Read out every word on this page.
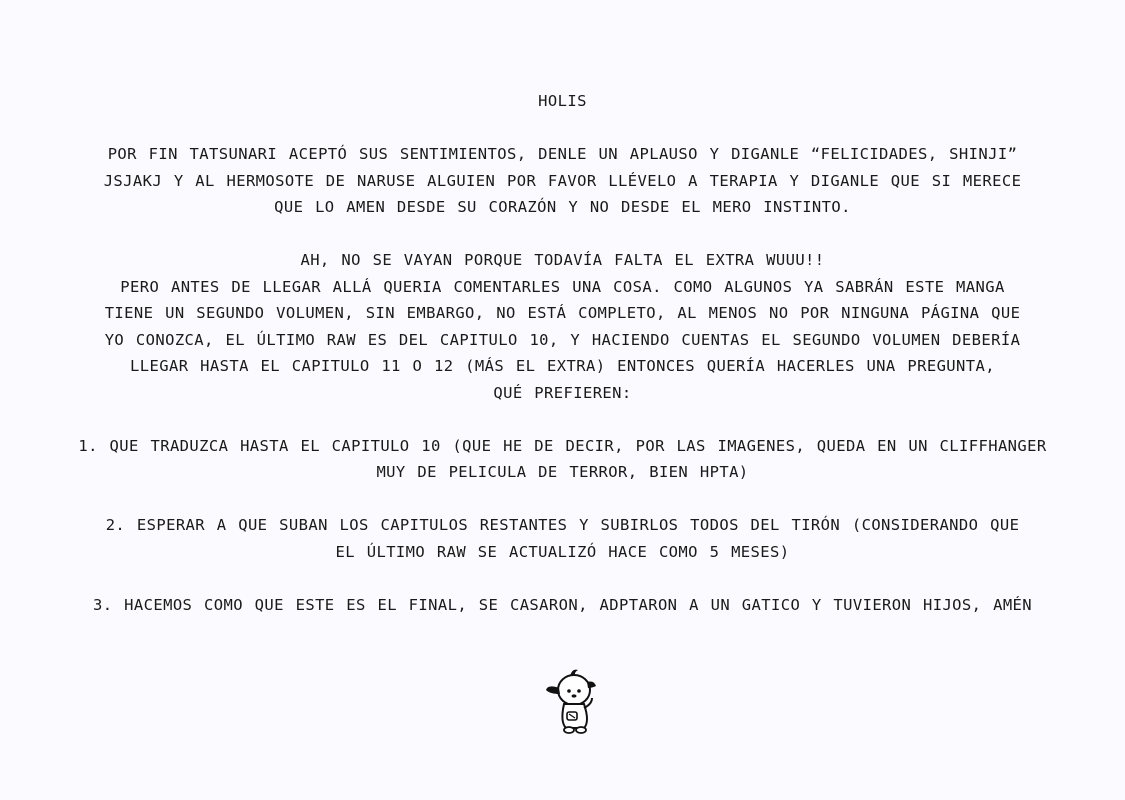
HOLIS

POR FIN TATSUNARI ACEPTÓ SUS SENTIMIENTOS, DENLE UN APLAUSO Y DIGANLE “FELICIDADES, SHINJI”

JSJAKJ Y AL HERMOSOTE DE NARUSE ALGUIEN POR FAVOR LLÉVELO A TERAPIA Y DIGANLE QUE SI MERECE

QUE LO AMEN DESDE SU CORAZÓN Y NO DESDE EL MERO INSTINTO.

AH, NO SE VAYAN PORQUE TODAVÍA FALTA EL EXTRA WUUU!!

PERO ANTES DE LLEGAR ALLÁ QUERIA COMENTARLES UNA COSA. COMO ALGUNOS YA SABRÁN ESTE MANGA

TIENE UN SEGUNDO VOLUMEN, SIN EMBARGO, NO ESTÁ COMPLETO, AL MENOS NO POR NINGUNA PÁGINA QUE

YO CONOZCA, EL ÚLTIMO RAW ES DEL CAPITULO 10, Y HACIENDO CUENTAS EL SEGUNDO VOLUMEN DEBERÍA

LLEGAR HASTA EL CAPITULO 11 O 12 (MÁS EL EXTRA) ENTONCES QUERÍA HACERLES UNA PREGUNTA,

QUÉ PREFIEREN:

1. QUE TRADUZCA HASTA EL CAPITULO 10 (QUE HE DE DECIR, POR LAS IMAGENES, QUEDA EN UN CLIFFHANGER

MUY DE PELICULA DE TERROR, BIEN HPTA)

2. ESPERAR A QUE SUBAN LOS CAPITULOS RESTANTES Y SUBIRLOS TODOS DEL TIRÓN (CONSIDERANDO QUE

EL ÚLTIMO RAW SE ACTUALIZÓ HACE COMO 5 MESES)

3. HACEMOS COMO QUE ESTE ES EL FINAL, SE CASARON, ADPTARON A UN GATICO Y TUVIERON HIJOS, AMÉN
